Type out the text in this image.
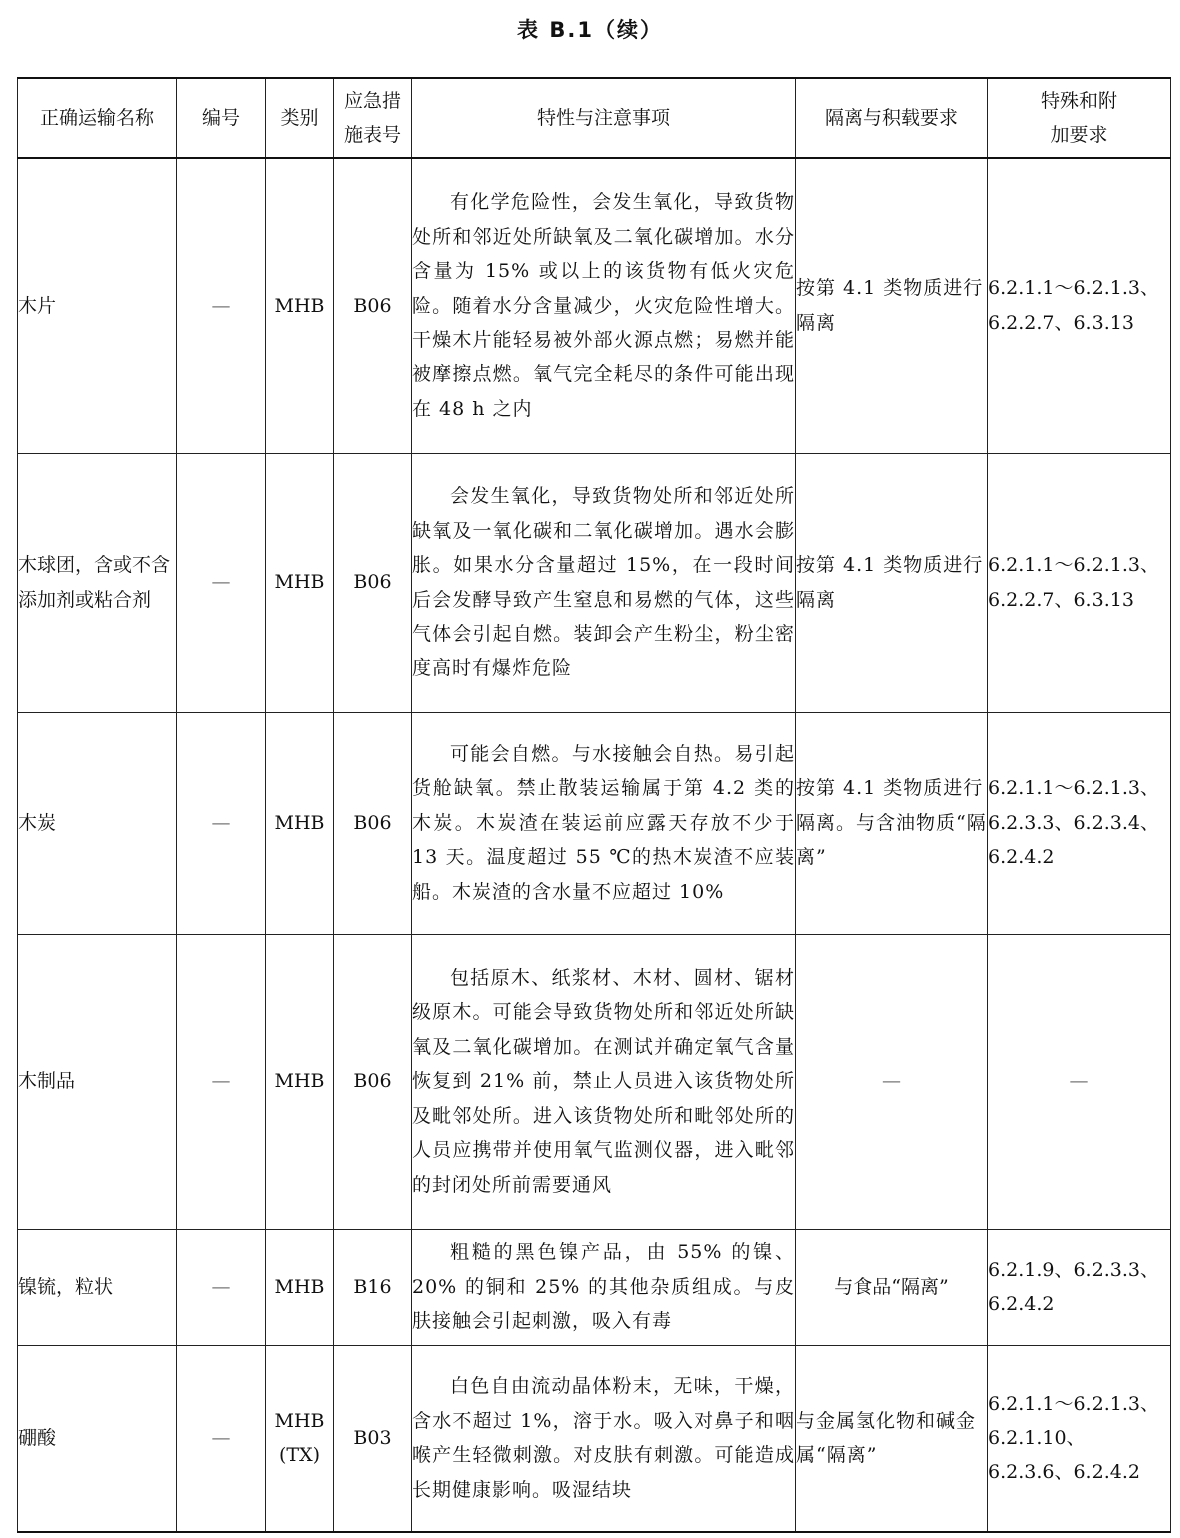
表 B.1（续）
正确运输名称	编号	类别	应急措施表号	特性与注意事项	隔离与积载要求	特殊和附加要求
木片	—	MHB	B06	有化学危险性，会发生氧化，导致货物处所和邻近处所缺氧及二氧化碳增加。水分含量为 15% 或以上的该货物有低火灾危险。随着水分含量减少，火灾危险性增大。干燥木片能轻易被外部火源点燃；易燃并能被摩擦点燃。氧气完全耗尽的条件可能出现在 48 h 之内	按第 4.1 类物质进行隔离	6.2.1.1～6.2.1.3、6.2.2.7、6.3.13
木球团，含或不含添加剂或粘合剂	—	MHB	B06	会发生氧化，导致货物处所和邻近处所缺氧及一氧化碳和二氧化碳增加。遇水会膨胀。如果水分含量超过 15%，在一段时间后会发酵导致产生窒息和易燃的气体，这些气体会引起自燃。装卸会产生粉尘，粉尘密度高时有爆炸危险	按第 4.1 类物质进行隔离	6.2.1.1～6.2.1.3、6.2.2.7、6.3.13
木炭	—	MHB	B06	可能会自燃。与水接触会自热。易引起货舱缺氧。禁止散装运输属于第 4.2 类的木炭。木炭渣在装运前应露天存放不少于 13 天。温度超过 55 ℃的热木炭渣不应装船。木炭渣的含水量不应超过 10%	按第 4.1 类物质进行隔离。与含油物质“隔离”	6.2.1.1～6.2.1.3、6.2.3.3、6.2.3.4、6.2.4.2
木制品	—	MHB	B06	包括原木、纸浆材、木材、圆材、锯材级原木。可能会导致货物处所和邻近处所缺氧及二氧化碳增加。在测试并确定氧气含量恢复到 21% 前，禁止人员进入该货物处所及毗邻处所。进入该货物处所和毗邻处所的人员应携带并使用氧气监测仪器，进入毗邻的封闭处所前需要通风	—	—
镍锍，粒状	—	MHB	B16	粗糙的黑色镍产品，由 55% 的镍、20% 的铜和 25% 的其他杂质组成。与皮肤接触会引起刺激，吸入有毒	与食品“隔离”	6.2.1.9、6.2.3.3、6.2.4.2
硼酸	—	MHB (TX)	B03	白色自由流动晶体粉末，无味，干燥，含水不超过 1%，溶于水。吸入对鼻子和咽喉产生轻微刺激。对皮肤有刺激。可能造成长期健康影响。吸湿结块	与金属氢化物和碱金属“隔离”	6.2.1.1～6.2.1.3、6.2.1.10、6.2.3.6、6.2.4.2
